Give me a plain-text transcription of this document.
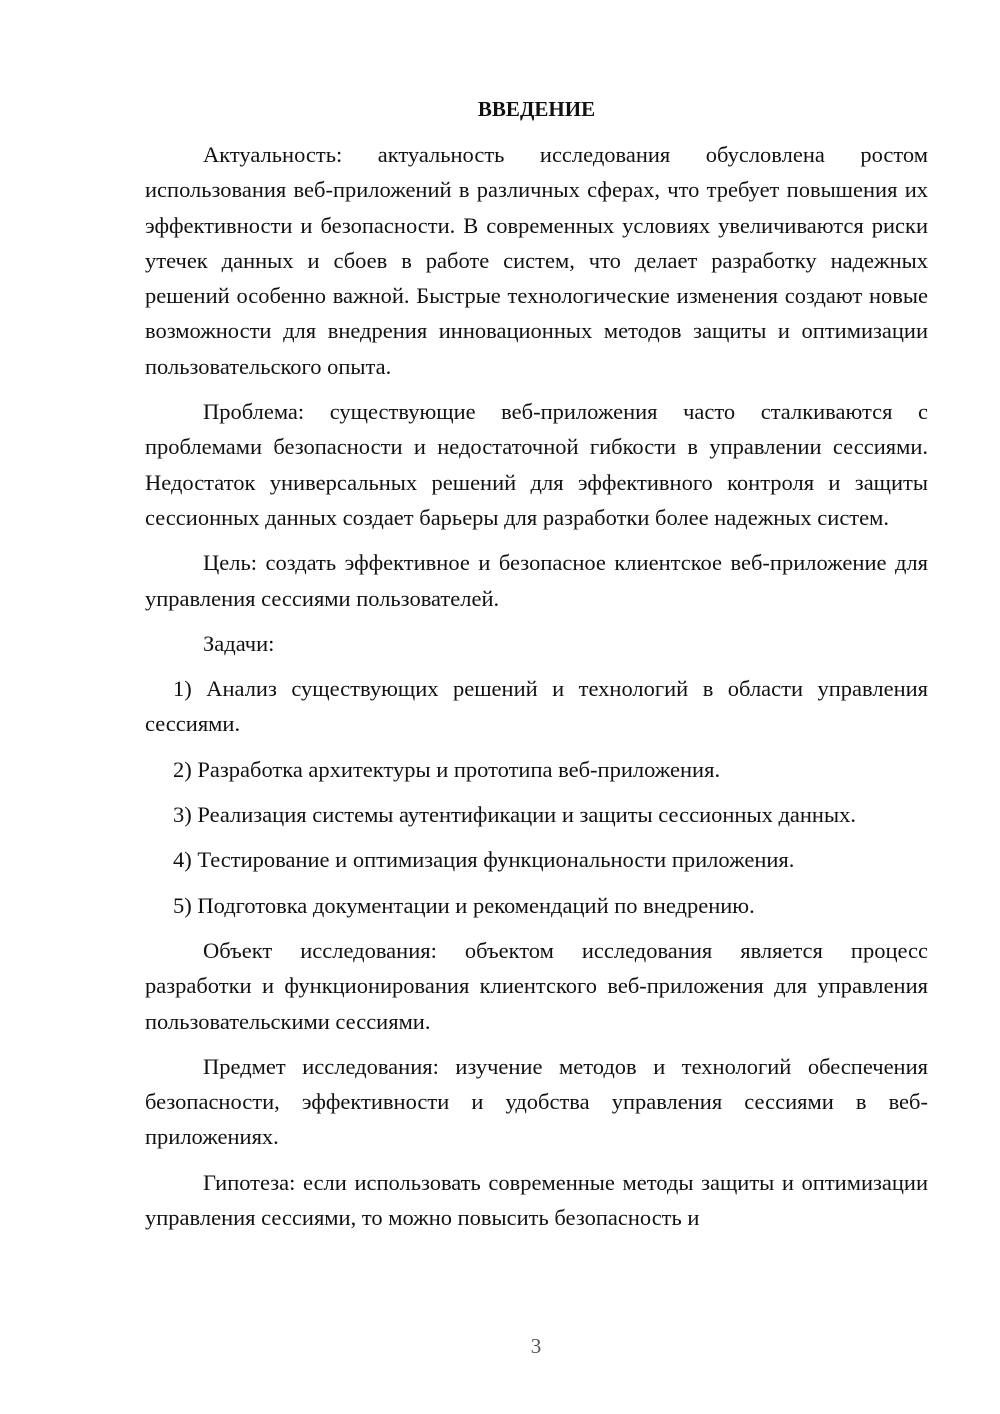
ВВЕДЕНИЕ

Актуальность: актуальность исследования обусловлена ростом использования веб-приложений в различных сферах, что требует повышения их эффективности и безопасности. В современных условиях увеличиваются риски утечек данных и сбоев в работе систем, что делает разработку надежных решений особенно важной. Быстрые технологические изменения создают новые возможности для внедрения инновационных методов защиты и оптимизации пользовательского опыта.

Проблема: существующие веб-приложения часто сталкиваются с проблемами безопасности и недостаточной гибкости в управлении сессиями. Недостаток универсальных решений для эффективного контроля и защиты сессионных данных создает барьеры для разработки более надежных систем.

Цель: создать эффективное и безопасное клиентское веб-приложение для управления сессиями пользователей.

Задачи:

1) Анализ существующих решений и технологий в области управления сессиями.

2) Разработка архитектуры и прототипа веб-приложения.

3) Реализация системы аутентификации и защиты сессионных данных.

4) Тестирование и оптимизация функциональности приложения.

5) Подготовка документации и рекомендаций по внедрению.

Объект исследования: объектом исследования является процесс разработки и функционирования клиентского веб-приложения для управления пользовательскими сессиями.

Предмет исследования: изучение методов и технологий обеспечения безопасности, эффективности и удобства управления сессиями в веб-приложениях.

Гипотеза: если использовать современные методы защиты и оптимизации управления сессиями, то можно повысить безопасность и

3
